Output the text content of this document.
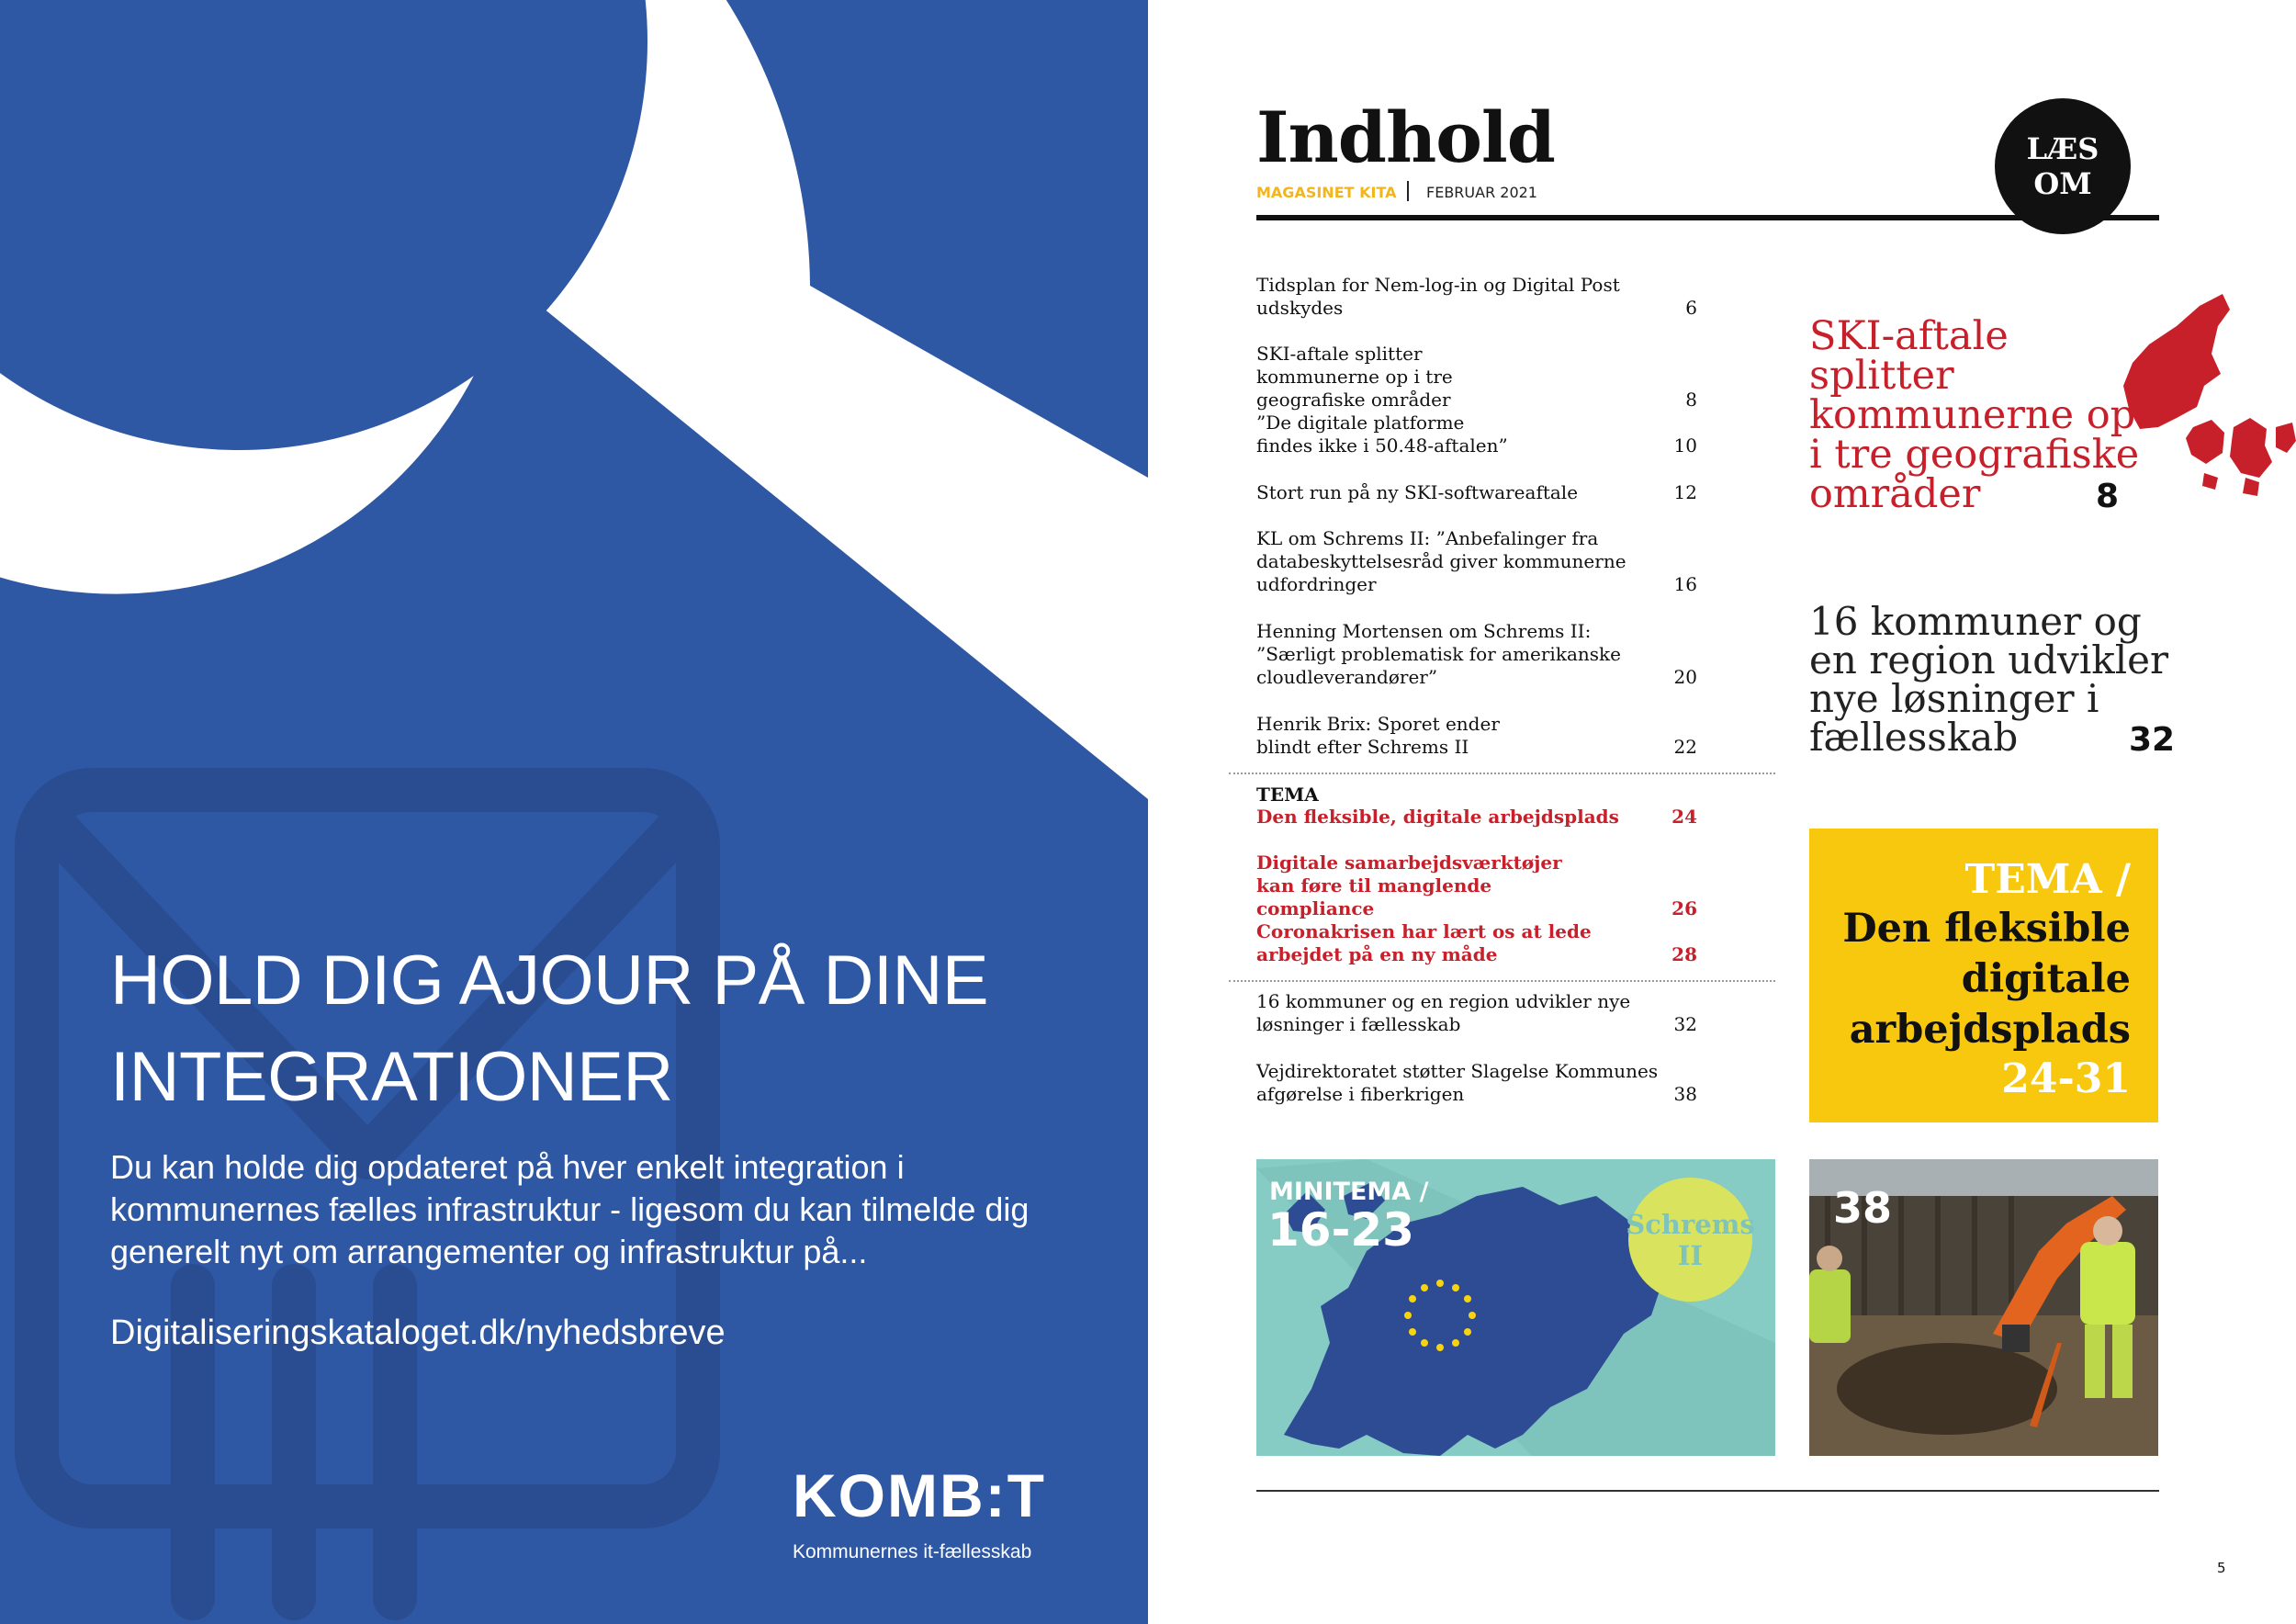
HOLD DIG AJOUR PÅ DINE
INTEGRATIONER

Du kan holde dig opdateret på hver enkelt integration i kommunernes fælles infrastruktur - ligesom du kan tilmelde dig generelt nyt om arrangementer og infrastruktur på...

Digitaliseringskataloget.dk/nyhedsbreve

KOMB:T
Kommunernes it-fællesskab
Indhold
MAGASINET KITA FEBRUAR 2021
LÆS
OM
Tidsplan for Nem-log-in og Digital Post udskydes	6
SKI-aftale splitter kommunerne op i tre geografiske områder	8
”De digitale platforme findes ikke i 50.48-aftalen”	10
Stort run på ny SKI-softwareaftale	12
KL om Schrems II: ”Anbefalinger fra databeskyttelsesråd giver kommunerne udfordringer	16
Henning Mortensen om Schrems II: ”Særligt problematisk for amerikanske cloudleverandører”	20
Henrik Brix: Sporet ender blindt efter Schrems II	22
TEMA
Den fleksible, digitale arbejdsplads	24
Digitale samarbejdsværktøjer kan føre til manglende compliance	26
Coronakrisen har lært os at lede arbejdet på en ny måde	28
16 kommuner og en region udvikler nye løsninger i fællesskab	32
Vejdirektoratet støtter Slagelse Kommunes afgørelse i fiberkrigen	38
SKI-aftale splitter kommunerne op i tre geografiske områder	8
16 kommuner og en region udvikler nye løsninger i fællesskab	32
TEMA /
Den fleksible digitale arbejdsplads
24-31
MINITEMA /
16-23	Schrems
II
38
5
